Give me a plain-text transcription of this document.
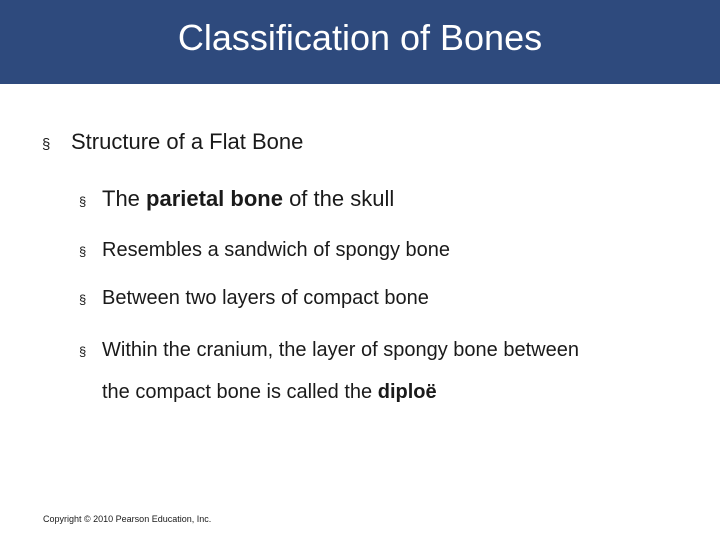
Classification of Bones
§ Structure of a Flat Bone
§ The parietal bone of the skull
§ Resembles a sandwich of spongy bone
§ Between two layers of compact bone
§ Within the cranium, the layer of spongy bone between
the compact bone is called the diploë
Copyright © 2010 Pearson Education, Inc.
